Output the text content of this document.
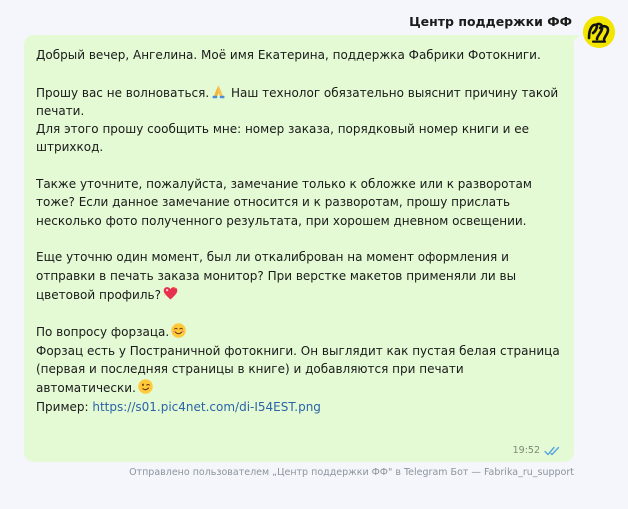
Центр поддержки ФФ

Добрый вечер, Ангелина. Моё имя Екатерина, поддержка Фабрики Фотокниги.

Прошу вас не волноваться. Наш технолог обязательно выяснит причину такой печати.

Для этого прошу сообщить мне: номер заказа, порядковый номер книги и ее штрихкод.

Также уточните, пожалуйста, замечание только к обложке или к разворотам тоже? Если данное замечание относится и к разворотам, прошу прислать несколько фото полученного результата, при хорошем дневном освещении.

Еще уточню один момент, был ли откалиброван на момент оформления и отправки в печать заказа монитор? При верстке макетов применяли ли вы цветовой профиль?

По вопросу форзаца.

Форзац есть у Постраничной фотокниги. Он выглядит как пустая белая страница (первая и последняя страницы в книге) и добавляются при печати автоматически.

Пример: https://s01.pic4net.com/di-I54EST.png

19:52
Отправлено пользователем „Центр поддержки ФФ" в Telegram Бот — Fabrika_ru_support
